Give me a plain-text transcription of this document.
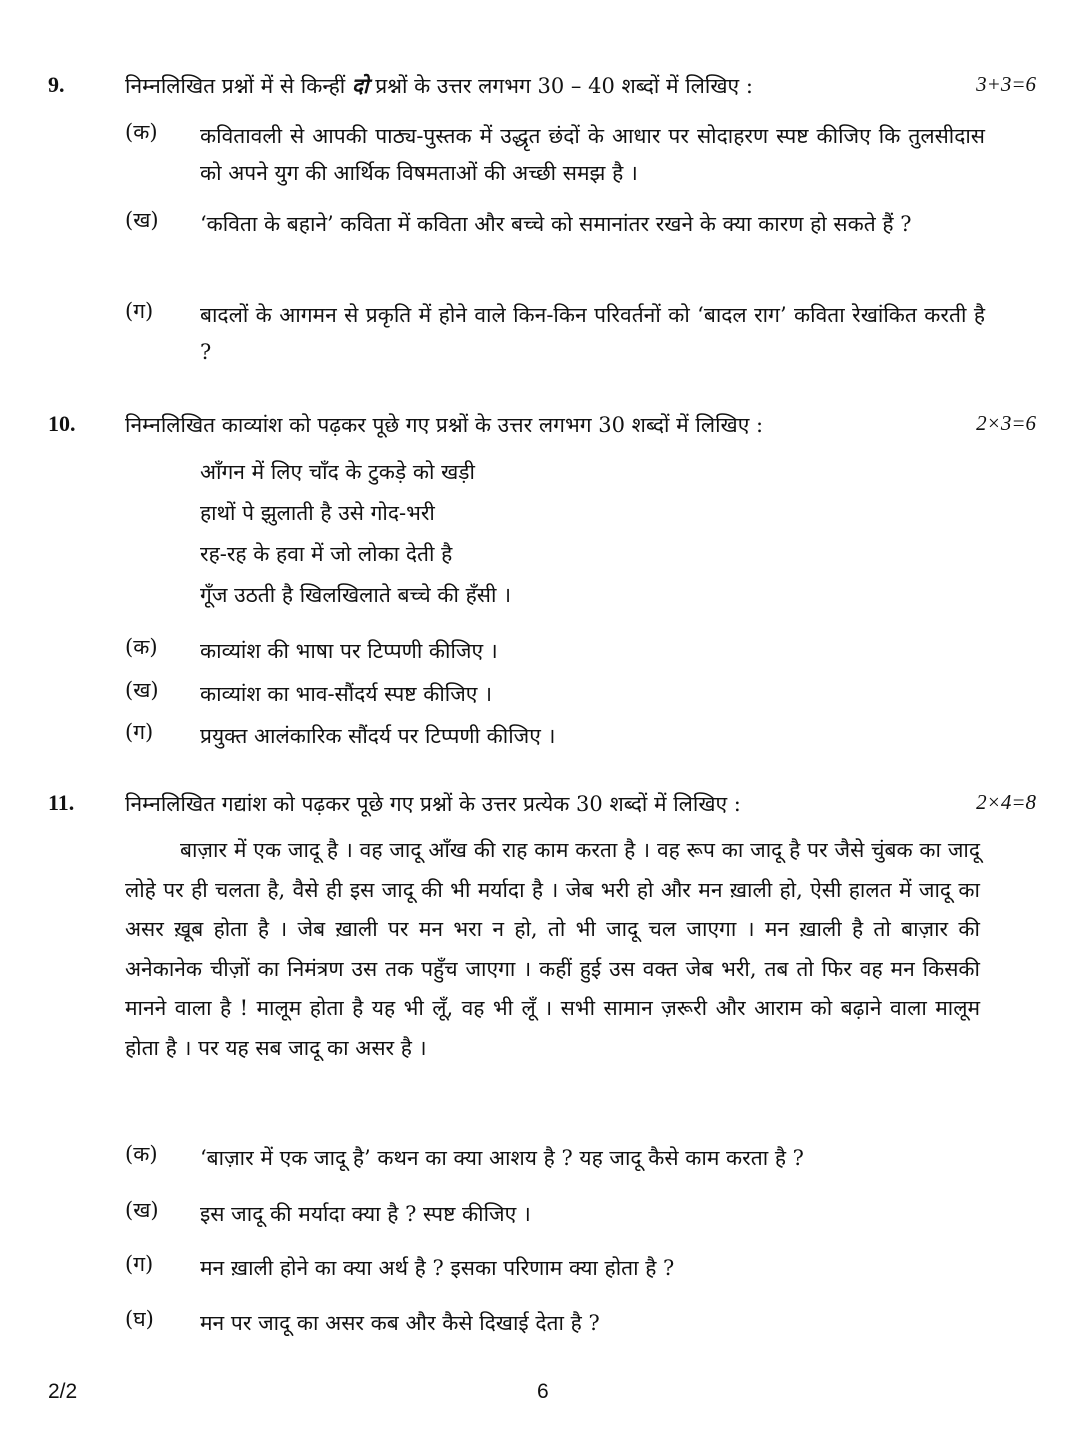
9.	निम्नलिखित प्रश्नों में से किन्हीं दो प्रश्नों के उत्तर लगभग 30 – 40 शब्दों में लिखिए :	3+3=6
(क) कवितावली से आपकी पाठ्य-पुस्तक में उद्धृत छंदों के आधार पर सोदाहरण स्पष्ट कीजिए कि तुलसीदास को अपने युग की आर्थिक विषमताओं की अच्छी समझ है ।
(ख) ‘कविता के बहाने’ कविता में कविता और बच्चे को समानांतर रखने के क्या कारण हो सकते हैं ?
(ग) बादलों के आगमन से प्रकृति में होने वाले किन-किन परिवर्तनों को ‘बादल राग’ कविता रेखांकित करती है ?
10. निम्नलिखित काव्यांश को पढ़कर पूछे गए प्रश्नों के उत्तर लगभग 30 शब्दों में लिखिए :	2×3=6
आँगन में लिए चाँद के टुकड़े को खड़ी
हाथों पे झुलाती है उसे गोद-भरी
रह-रह के हवा में जो लोका देती है
गूँज उठती है खिलखिलाते बच्चे की हँसी ।
(क) काव्यांश की भाषा पर टिप्पणी कीजिए ।
(ख) काव्यांश का भाव-सौंदर्य स्पष्ट कीजिए ।
(ग) प्रयुक्त आलंकारिक सौंदर्य पर टिप्पणी कीजिए ।
11. निम्नलिखित गद्यांश को पढ़कर पूछे गए प्रश्नों के उत्तर प्रत्येक 30 शब्दों में लिखिए :	2×4=8
बाज़ार में एक जादू है । वह जादू आँख की राह काम करता है । वह रूप का जादू है पर जैसे चुंबक का जादू लोहे पर ही चलता है, वैसे ही इस जादू की भी मर्यादा है । जेब भरी हो और मन ख़ाली हो, ऐसी हालत में जादू का असर ख़ूब होता है । जेब ख़ाली पर मन भरा न हो, तो भी जादू चल जाएगा । मन ख़ाली है तो बाज़ार की अनेकानेक चीज़ों का निमंत्रण उस तक पहुँच जाएगा । कहीं हुई उस वक्त जेब भरी, तब तो फिर वह मन किसकी मानने वाला है ! मालूम होता है यह भी लूँ, वह भी लूँ । सभी सामान ज़रूरी और आराम को बढ़ाने वाला मालूम होता है । पर यह सब जादू का असर है ।
(क) ‘बाज़ार में एक जादू है’ कथन का क्या आशय है ? यह जादू कैसे काम करता है ?
(ख) इस जादू की मर्यादा क्या है ? स्पष्ट कीजिए ।
(ग) मन ख़ाली होने का क्या अर्थ है ? इसका परिणाम क्या होता है ?
(घ) मन पर जादू का असर कब और कैसे दिखाई देता है ?
2/2	6
